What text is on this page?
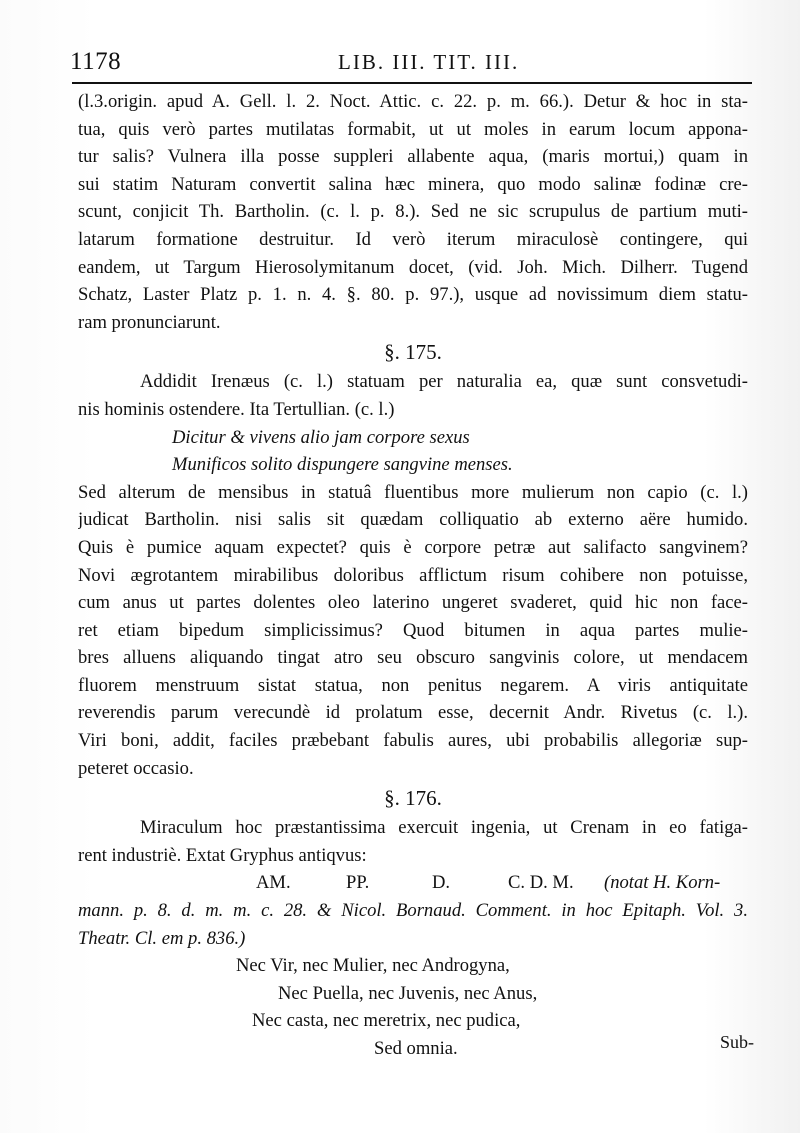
1178	LIB. III. TIT. III.
(l.3.origin. apud A. Gell. l. 2. Noct. Attic. c. 22. p. m. 66.). Detur & hoc in sta-
tua, quis verò partes mutilatas formabit, ut ut moles in earum locum appona-
tur salis? Vulnera illa posse suppleri allabente aqua, (maris mortui,) quam in
sui statim Naturam convertit salina hæc minera, quo modo salinæ fodinæ cre-
scunt, conjicit Th. Bartholin. (c. l. p. 8.). Sed ne sic scrupulus de partium muti-
latarum formatione destruitur. Id verò iterum miraculosè contingere, qui
eandem, ut Targum Hierosolymitanum docet, (vid. Joh. Mich. Dilherr. Tugend
Schatz, Laster Platz p. 1. n. 4. §. 80. p. 97.), usque ad novissimum diem statu-
ram pronunciarunt.
§. 175.
Addidit Irenæus (c. l.) statuam per naturalia ea, quæ sunt consvetudi-
nis hominis ostendere. Ita Tertullian. (c. l.)
Dicitur & vivens alio jam corpore sexus
Munificos solito dispungere sangvine menses.
Sed alterum de mensibus in statuâ fluentibus more mulierum non capio (c. l.)
judicat Bartholin. nisi salis sit quædam colliquatio ab externo aëre humido.
Quis è pumice aquam expectet? quis è corpore petræ aut salifacto sangvinem?
Novi ægrotantem mirabilibus doloribus afflictum risum cohibere non potuisse,
cum anus ut partes dolentes oleo laterino ungeret svaderet, quid hic non face-
ret etiam bipedum simplicissimus? Quod bitumen in aqua partes mulie-
bres alluens aliquando tingat atro seu obscuro sangvinis colore, ut mendacem
fluorem menstruum sistat statua, non penitus negarem. A viris antiquitate
reverendis parum verecundè id prolatum esse, decernit Andr. Rivetus (c. l.).
Viri boni, addit, faciles præbebant fabulis aures, ubi probabilis allegoriæ sup-
peteret occasio.
§. 176.
Miraculum hoc præstantissima exercuit ingenia, ut Crenam in eo fatiga-
rent industriè. Extat Gryphus antiqvus:
AM.	PP.	D.	C. D. M. (notat H. Korn-
mann. p. 8. d. m. m. c. 28. & Nicol. Bornaud. Comment. in hoc Epitaph. Vol. 3.
Theatr. Cl. em p. 836.)
Nec Vir, nec Mulier, nec Androgyna,
Nec Puella, nec Juvenis, nec Anus,
Nec casta, nec meretrix, nec pudica,
Sed omnia.	Sub-
